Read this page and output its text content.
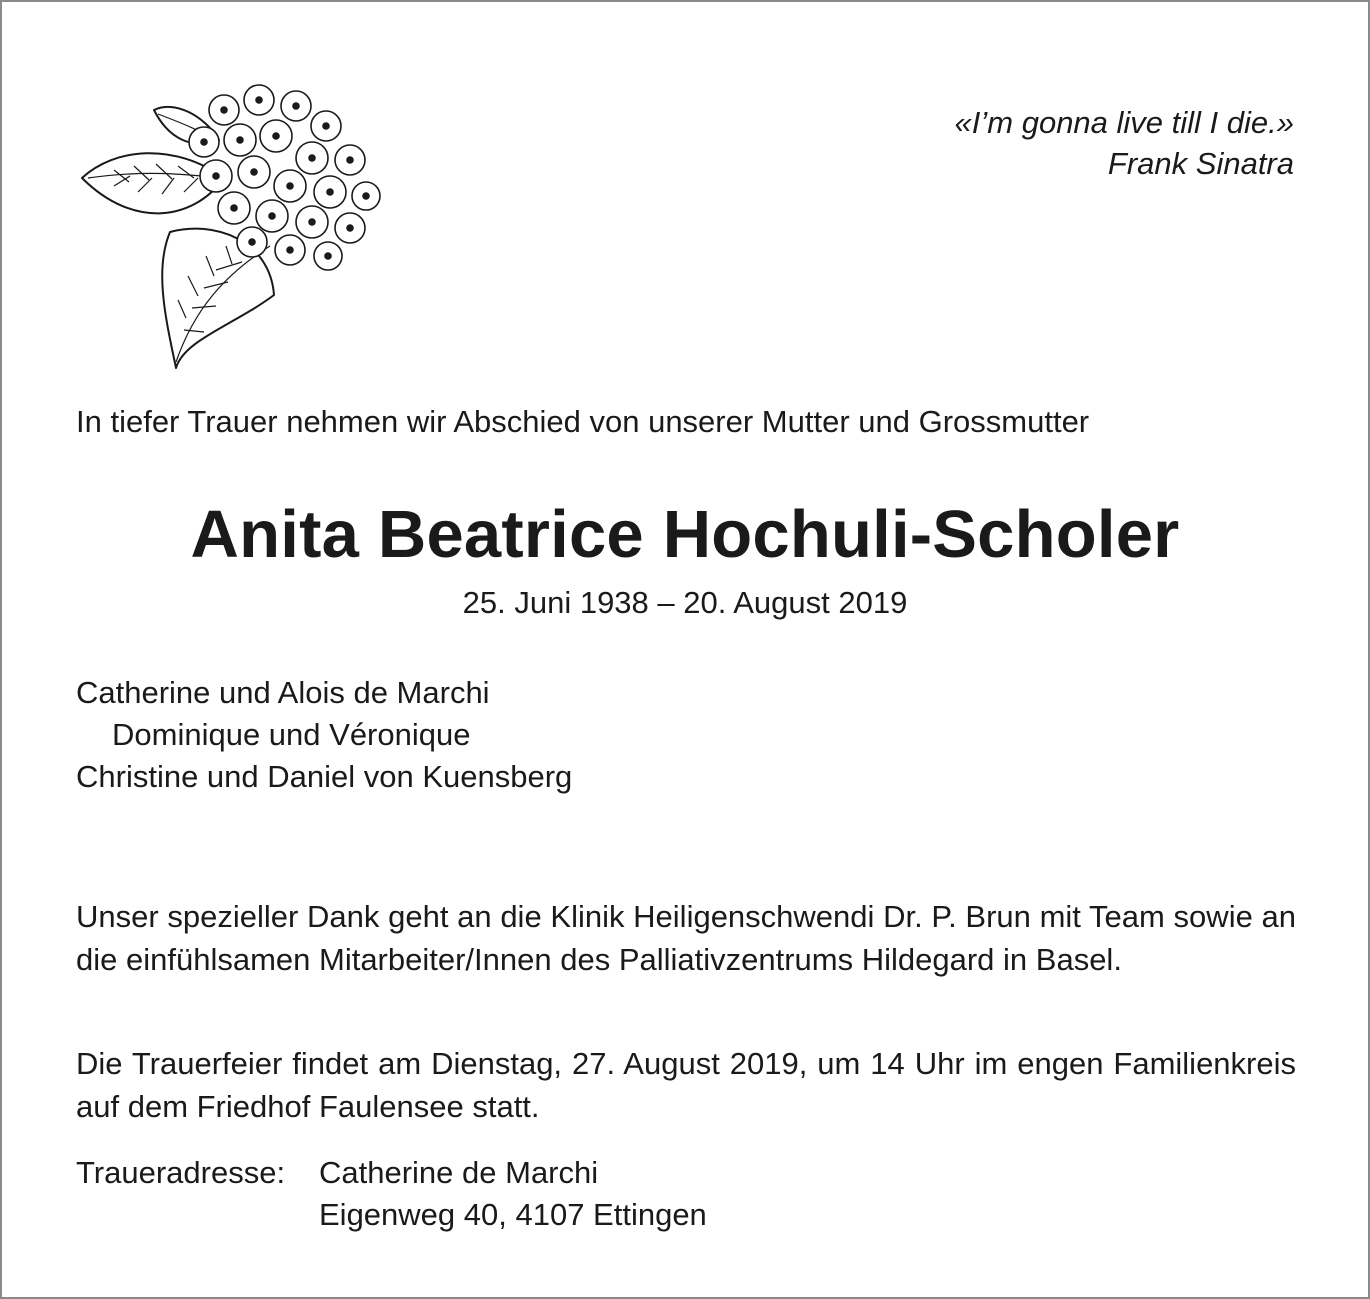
«I’m gonna live till I die.»
Frank Sinatra
In tiefer Trauer nehmen wir Abschied von unserer Mutter und Grossmutter
Anita Beatrice Hochuli-Scholer
25. Juni 1938 – 20. August 2019
Catherine und Alois de Marchi
Dominique und Véronique
Christine und Daniel von Kuensberg
Unser spezieller Dank geht an die Klinik Heiligenschwendi Dr. P. Brun mit Team sowie an die einfühlsamen Mitarbeiter/Innen des Palliativzentrums Hildegard in Basel.
Die Trauerfeier findet am Dienstag, 27. August 2019, um 14 Uhr im engen Familienkreis auf dem Friedhof Faulensee statt.
Traueradresse:	Catherine de Marchi
Eigenweg 40, 4107 Ettingen
